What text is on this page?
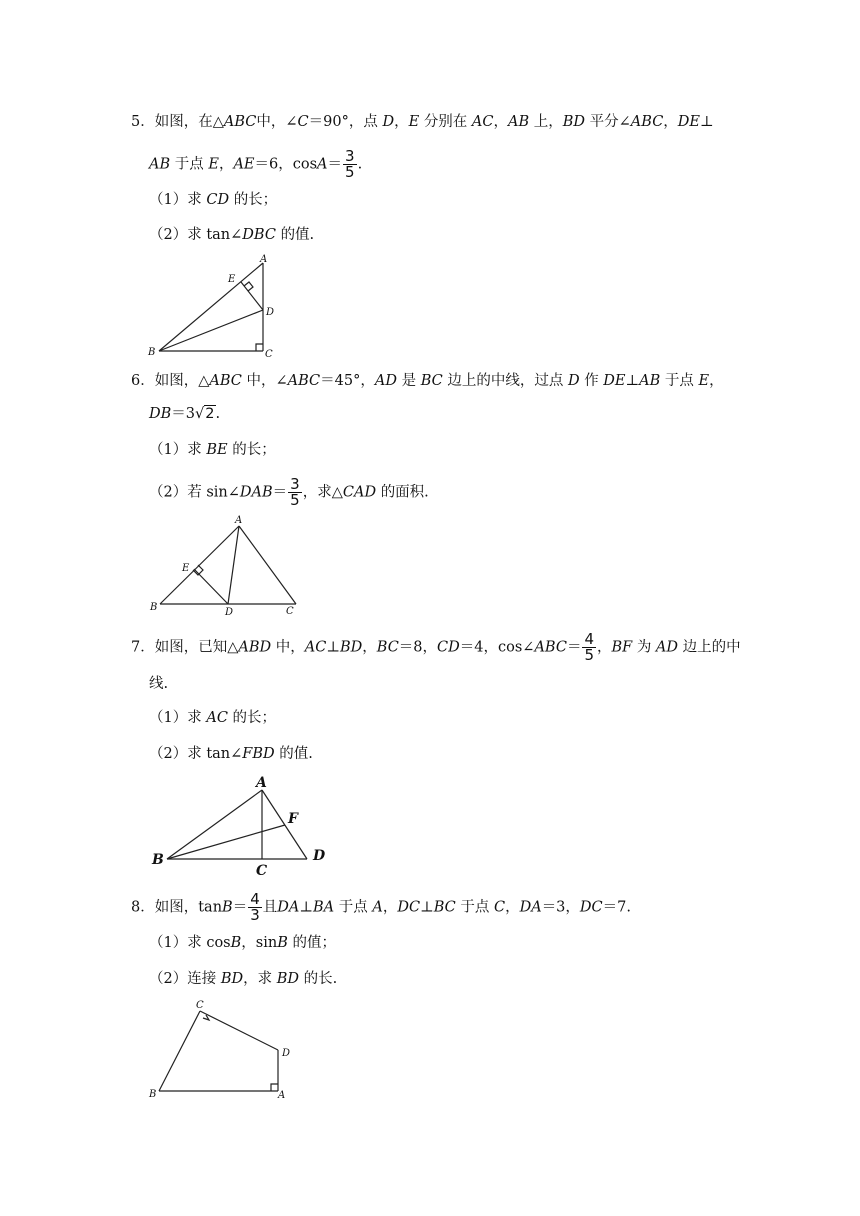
5．如图，在△ABC中，∠C＝90°，点 D，E 分别在 AC，AB 上，BD 平分∠ABC，DE⊥
AB 于点 E，AE＝6，$\cos A= \frac{3}{5}$ .
（1）求 CD 的长；
（2）求 tan∠DBC 的值.
A
E
D
B	C
6．如图，△ABC 中，∠ABC＝45°，AD 是 BC 边上的中线，过点 D 作 DE⊥AB 于点 E，
DB＝3√2.
（1）求 BE 的长；
（2）若 sin∠DAB＝ $\frac{3}{5}$ ，求△CAD 的面积.
A
E
B	D	C
7．如图，已知△ABD 中，AC⊥BD，BC＝8，CD＝4，cos∠ABC＝ $\frac{4}{5}$ ，BF 为 AD 边上的中
线.
（1）求 AC 的长；
（2）求 tan∠FBD 的值.
A
F
B	D
C
8．如图，$\tan B= \frac{4}{3}$ 且DA⊥BA 于点 A，DC⊥BC 于点 C，DA＝3，DC＝7.
（1）求 cosB，sinB 的值；
（2）连接 BD，求 BD 的长.
C
D
B	A
